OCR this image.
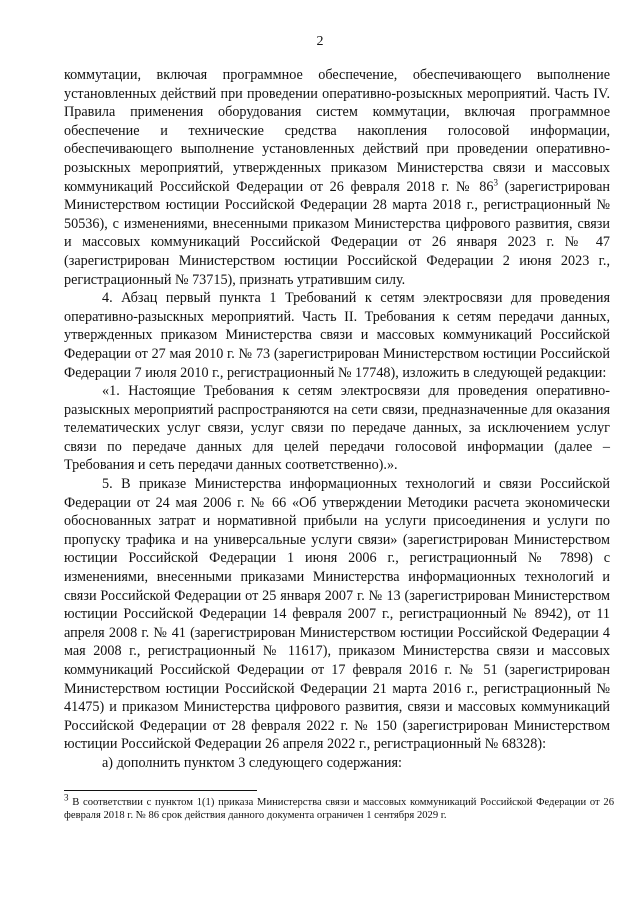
2

коммутации, включая программное обеспечение, обеспечивающего выполнение установленных действий при проведении оперативно-розыскных мероприятий. Часть IV. Правила применения оборудования систем коммутации, включая программное обеспечение и технические средства накопления голосовой информации, обеспечивающего выполнение установленных действий при проведении оперативно-розыскных мероприятий, утвержденных приказом Министерства связи и массовых коммуникаций Российской Федерации от 26 февраля 2018 г. № 86$^3$ (зарегистрирован Министерством юстиции Российской Федерации 28 марта 2018 г., регистрационный № 50536), с изменениями, внесенными приказом Министерства цифрового развития, связи и массовых коммуникаций Российской Федерации от 26 января 2023 г. № 47 (зарегистрирован Министерством юстиции Российской Федерации 2 июня 2023 г., регистрационный № 73715), признать утратившим силу.

4. Абзац первый пункта 1 Требований к сетям электросвязи для проведения оперативно-разыскных мероприятий. Часть II. Требования к сетям передачи данных, утвержденных приказом Министерства связи и массовых коммуникаций Российской Федерации от 27 мая 2010 г. № 73 (зарегистрирован Министерством юстиции Российской Федерации 7 июля 2010 г., регистрационный № 17748), изложить в следующей редакции:

«1. Настоящие Требования к сетям электросвязи для проведения оперативно-разыскных мероприятий распространяются на сети связи, предназначенные для оказания телематических услуг связи, услуг связи по передаче данных, за исключением услуг связи по передаче данных для целей передачи голосовой информации (далее – Требования и сеть передачи данных соответственно).».

5. В приказе Министерства информационных технологий и связи Российской Федерации от 24 мая 2006 г. № 66 «Об утверждении Методики расчета экономически обоснованных затрат и нормативной прибыли на услуги присоединения и услуги по пропуску трафика и на универсальные услуги связи» (зарегистрирован Министерством юстиции Российской Федерации 1 июня 2006 г., регистрационный № 7898) с изменениями, внесенными приказами Министерства информационных технологий и связи Российской Федерации от 25 января 2007 г. № 13 (зарегистрирован Министерством юстиции Российской Федерации 14 февраля 2007 г., регистрационный № 8942), от 11 апреля 2008 г. № 41 (зарегистрирован Министерством юстиции Российской Федерации 4 мая 2008 г., регистрационный № 11617), приказом Министерства связи и массовых коммуникаций Российской Федерации от 17 февраля 2016 г. № 51 (зарегистрирован Министерством юстиции Российской Федерации 21 марта 2016 г., регистрационный № 41475) и приказом Министерства цифрового развития, связи и массовых коммуникаций Российской Федерации от 28 февраля 2022 г. № 150 (зарегистрирован Министерством юстиции Российской Федерации 26 апреля 2022 г., регистрационный № 68328):

а) дополнить пунктом 3 следующего содержания:

$^3$ В соответствии с пунктом 1(1) приказа Министерства связи и массовых коммуникаций Российской Федерации от 26 февраля 2018 г. № 86 срок действия данного документа ограничен 1 сентября 2029 г.
